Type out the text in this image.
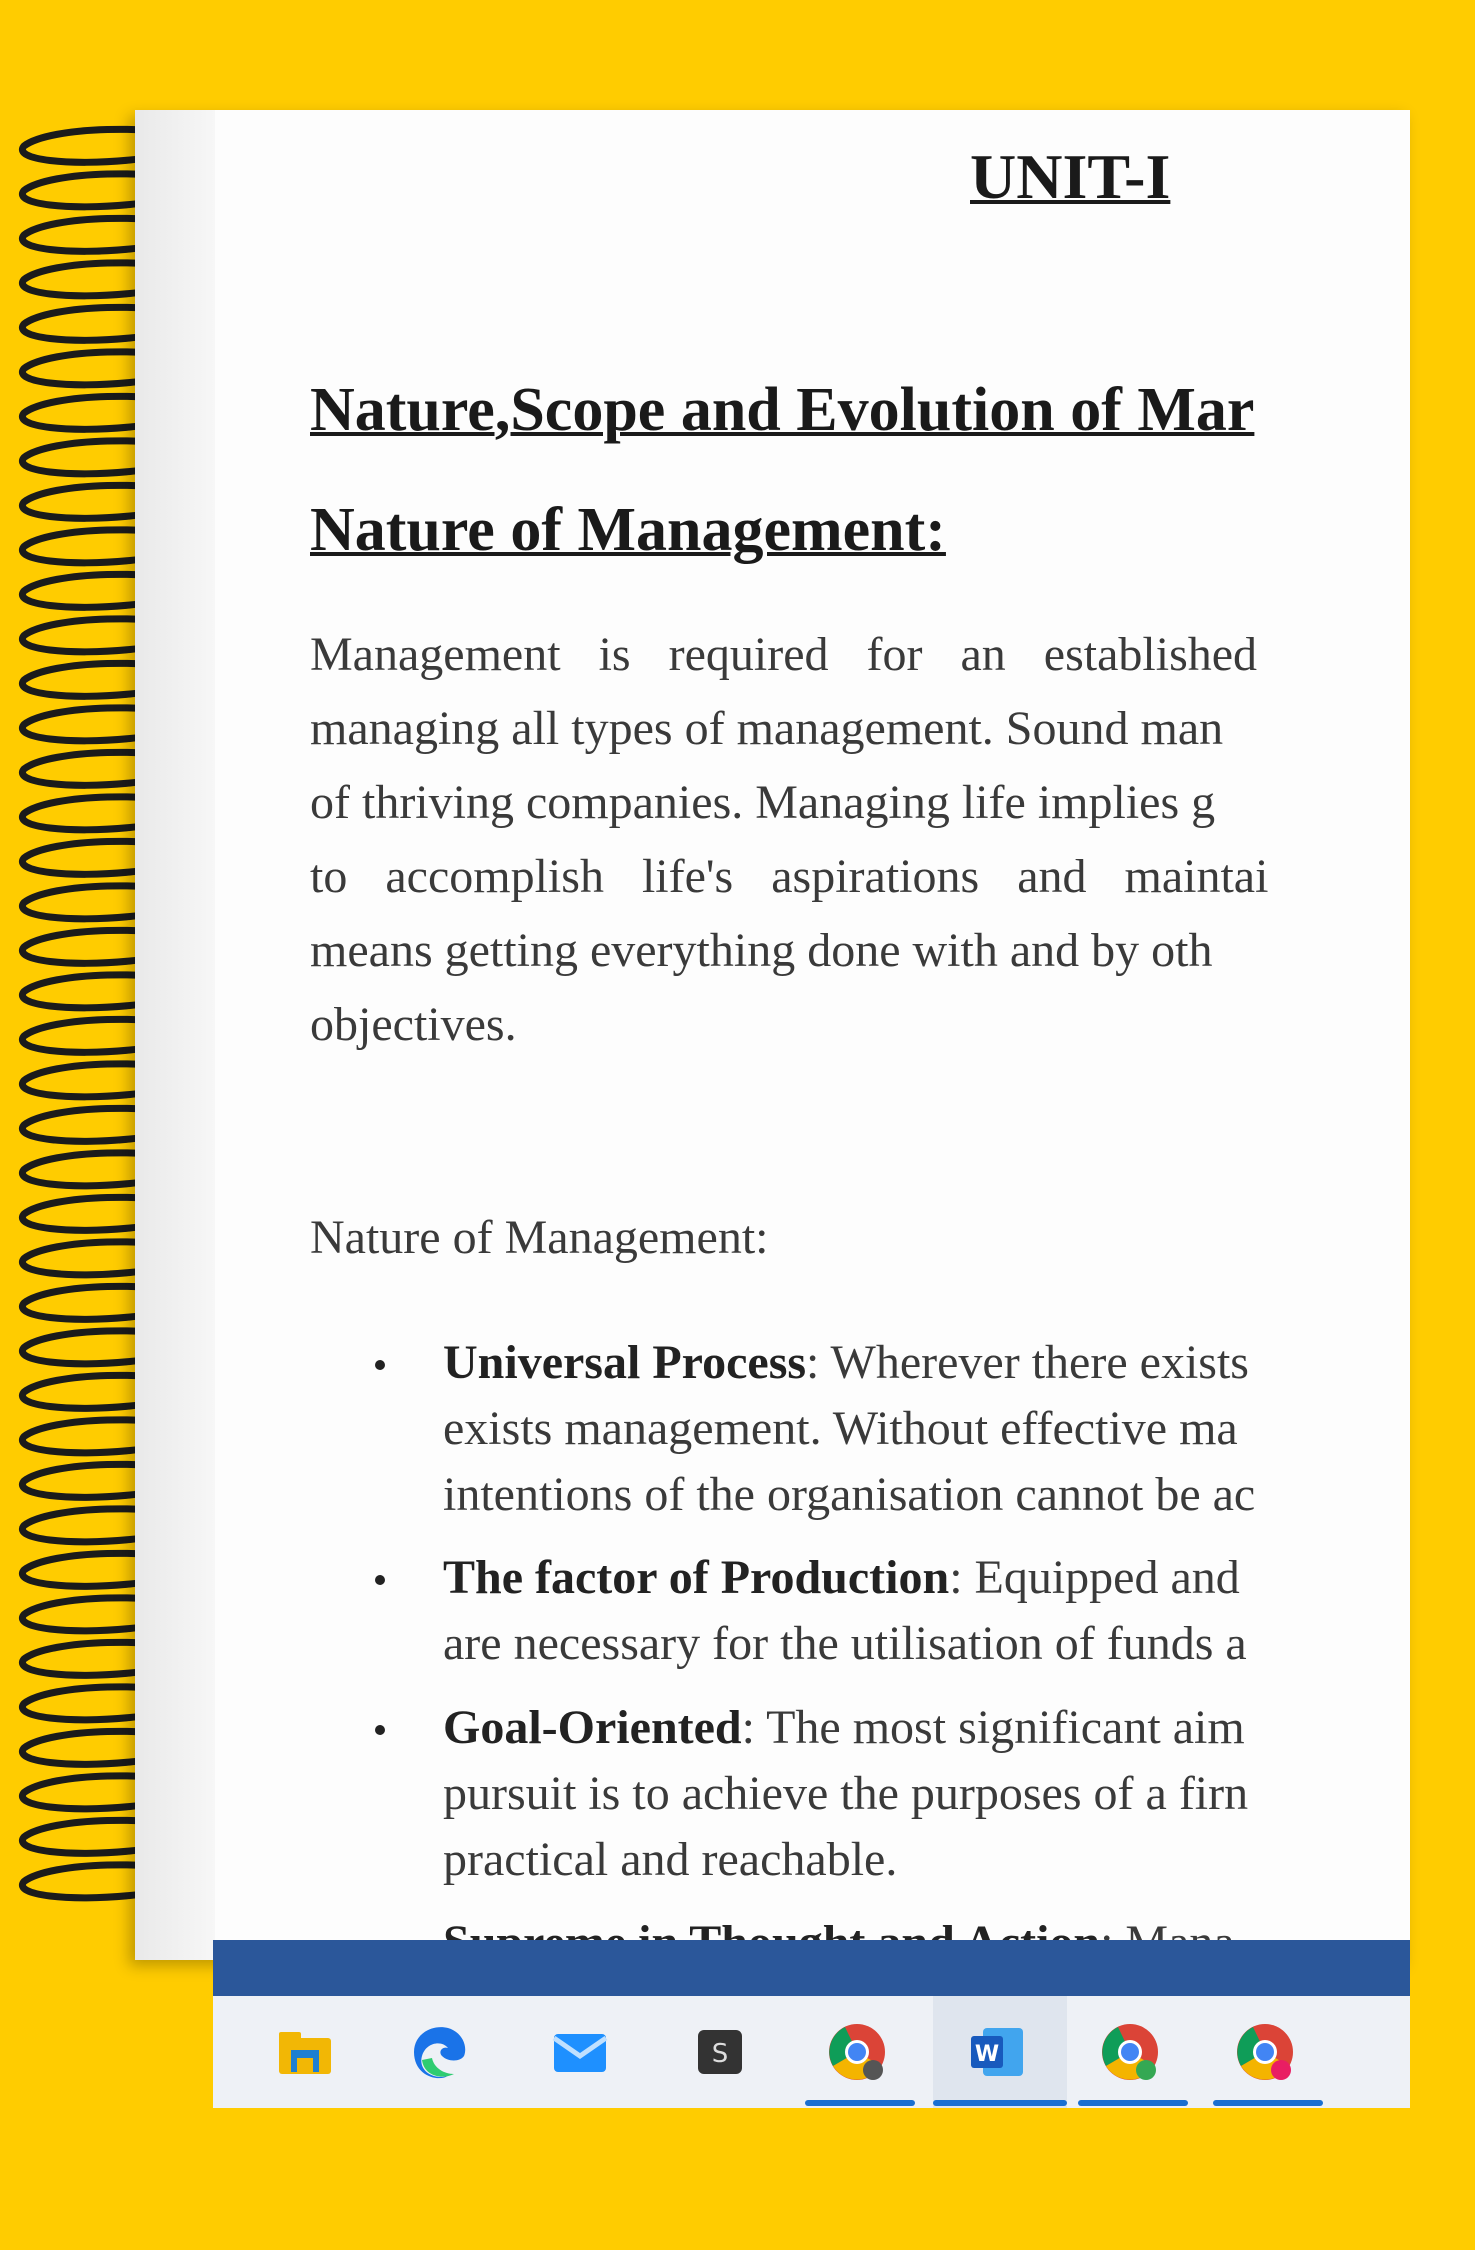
UNIT-I
Nature,Scope and Evolution of Mar
Nature of Management:
Management is required for an established
managing all types of management. Sound man
of thriving companies. Managing life implies g
to accomplish life's aspirations and maintai
means getting everything done with and by oth
objectives.
Nature of Management:
Universal Process: Wherever there exists
exists management. Without effective ma
intentions of the organisation cannot be ac
The factor of Production: Equipped and
are necessary for the utilisation of funds a
Goal-Oriented: The most significant aim
pursuit is to achieve the purposes of a firn
practical and reachable.
S	W
